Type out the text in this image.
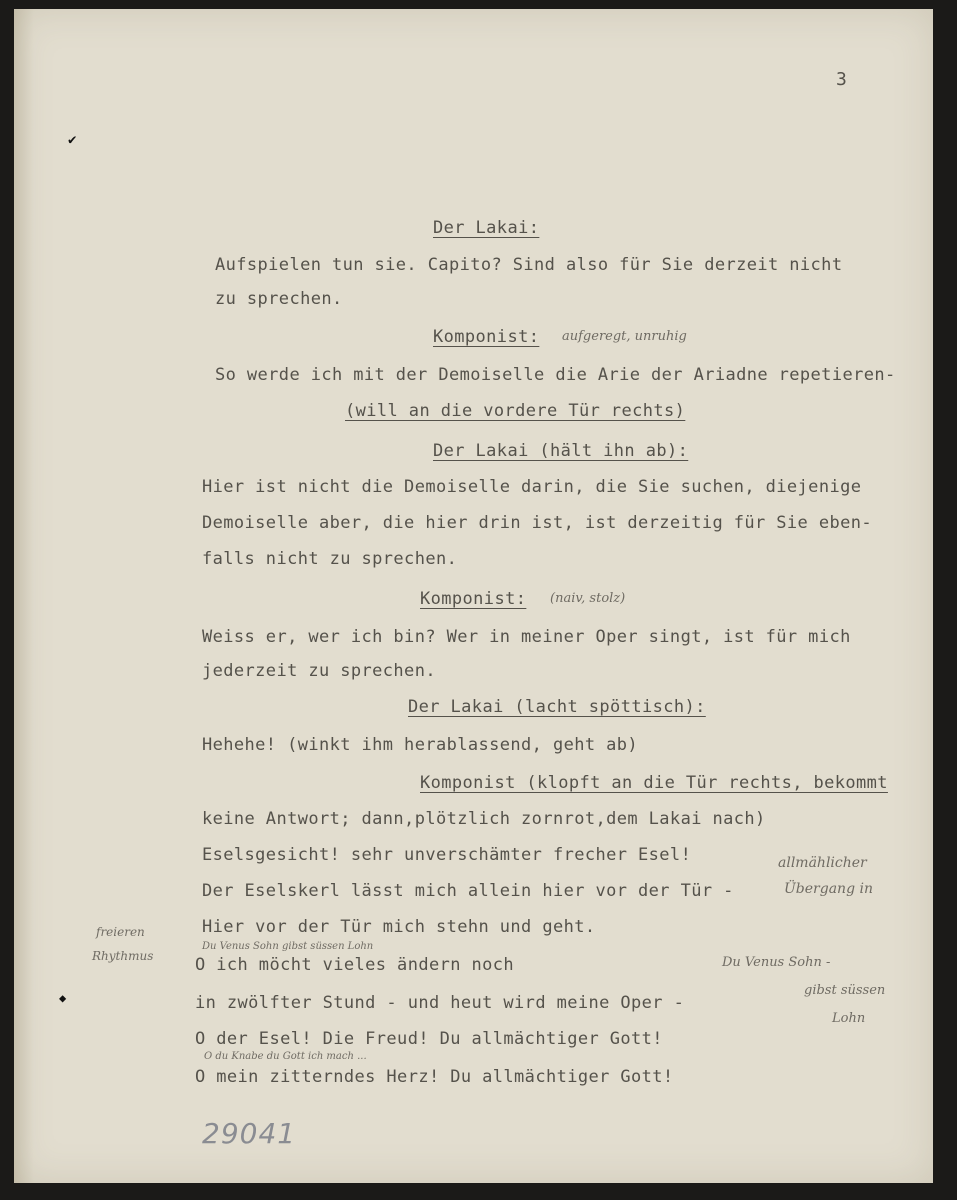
3
✔
◆
Der Lakai:
Aufspielen tun sie. Capito? Sind also für Sie derzeit nicht
zu sprechen.
Komponist: aufgeregt, unruhig
So werde ich mit der Demoiselle die Arie der Ariadne repetieren-
(will an die vordere Tür rechts)
Der Lakai (hält ihn ab):
Hier ist nicht die Demoiselle darin, die Sie suchen, diejenige
Demoiselle aber, die hier drin ist, ist derzeitig für Sie eben-
falls nicht zu sprechen.
Komponist: (naiv, stolz)
Weiss er, wer ich bin? Wer in meiner Oper singt, ist für mich
jederzeit zu sprechen.
Der Lakai (lacht spöttisch):
Hehehe! (winkt ihm herablassend, geht ab)
Komponist (klopft an die Tür rechts, bekommt
keine Antwort; dann,plötzlich zornrot,dem Lakai nach)
Eselsgesicht! sehr unverschämter frecher Esel!
Der Eselskerl lässt mich allein hier vor der Tür -
Hier vor der Tür mich stehn und geht.
Du Venus Sohn gibst süssen Lohn
O ich möcht vieles ändern noch
in zwölfter Stund - und heut wird meine Oper -
O der Esel! Die Freud! Du allmächtiger Gott!
O du Knabe du Gott ich mach ...
O mein zitterndes Herz! Du allmächtiger Gott!
allmählicher
Übergang in
freieren
Rhythmus	Du Venus Sohn -
gibst süssen
Lohn
29041
